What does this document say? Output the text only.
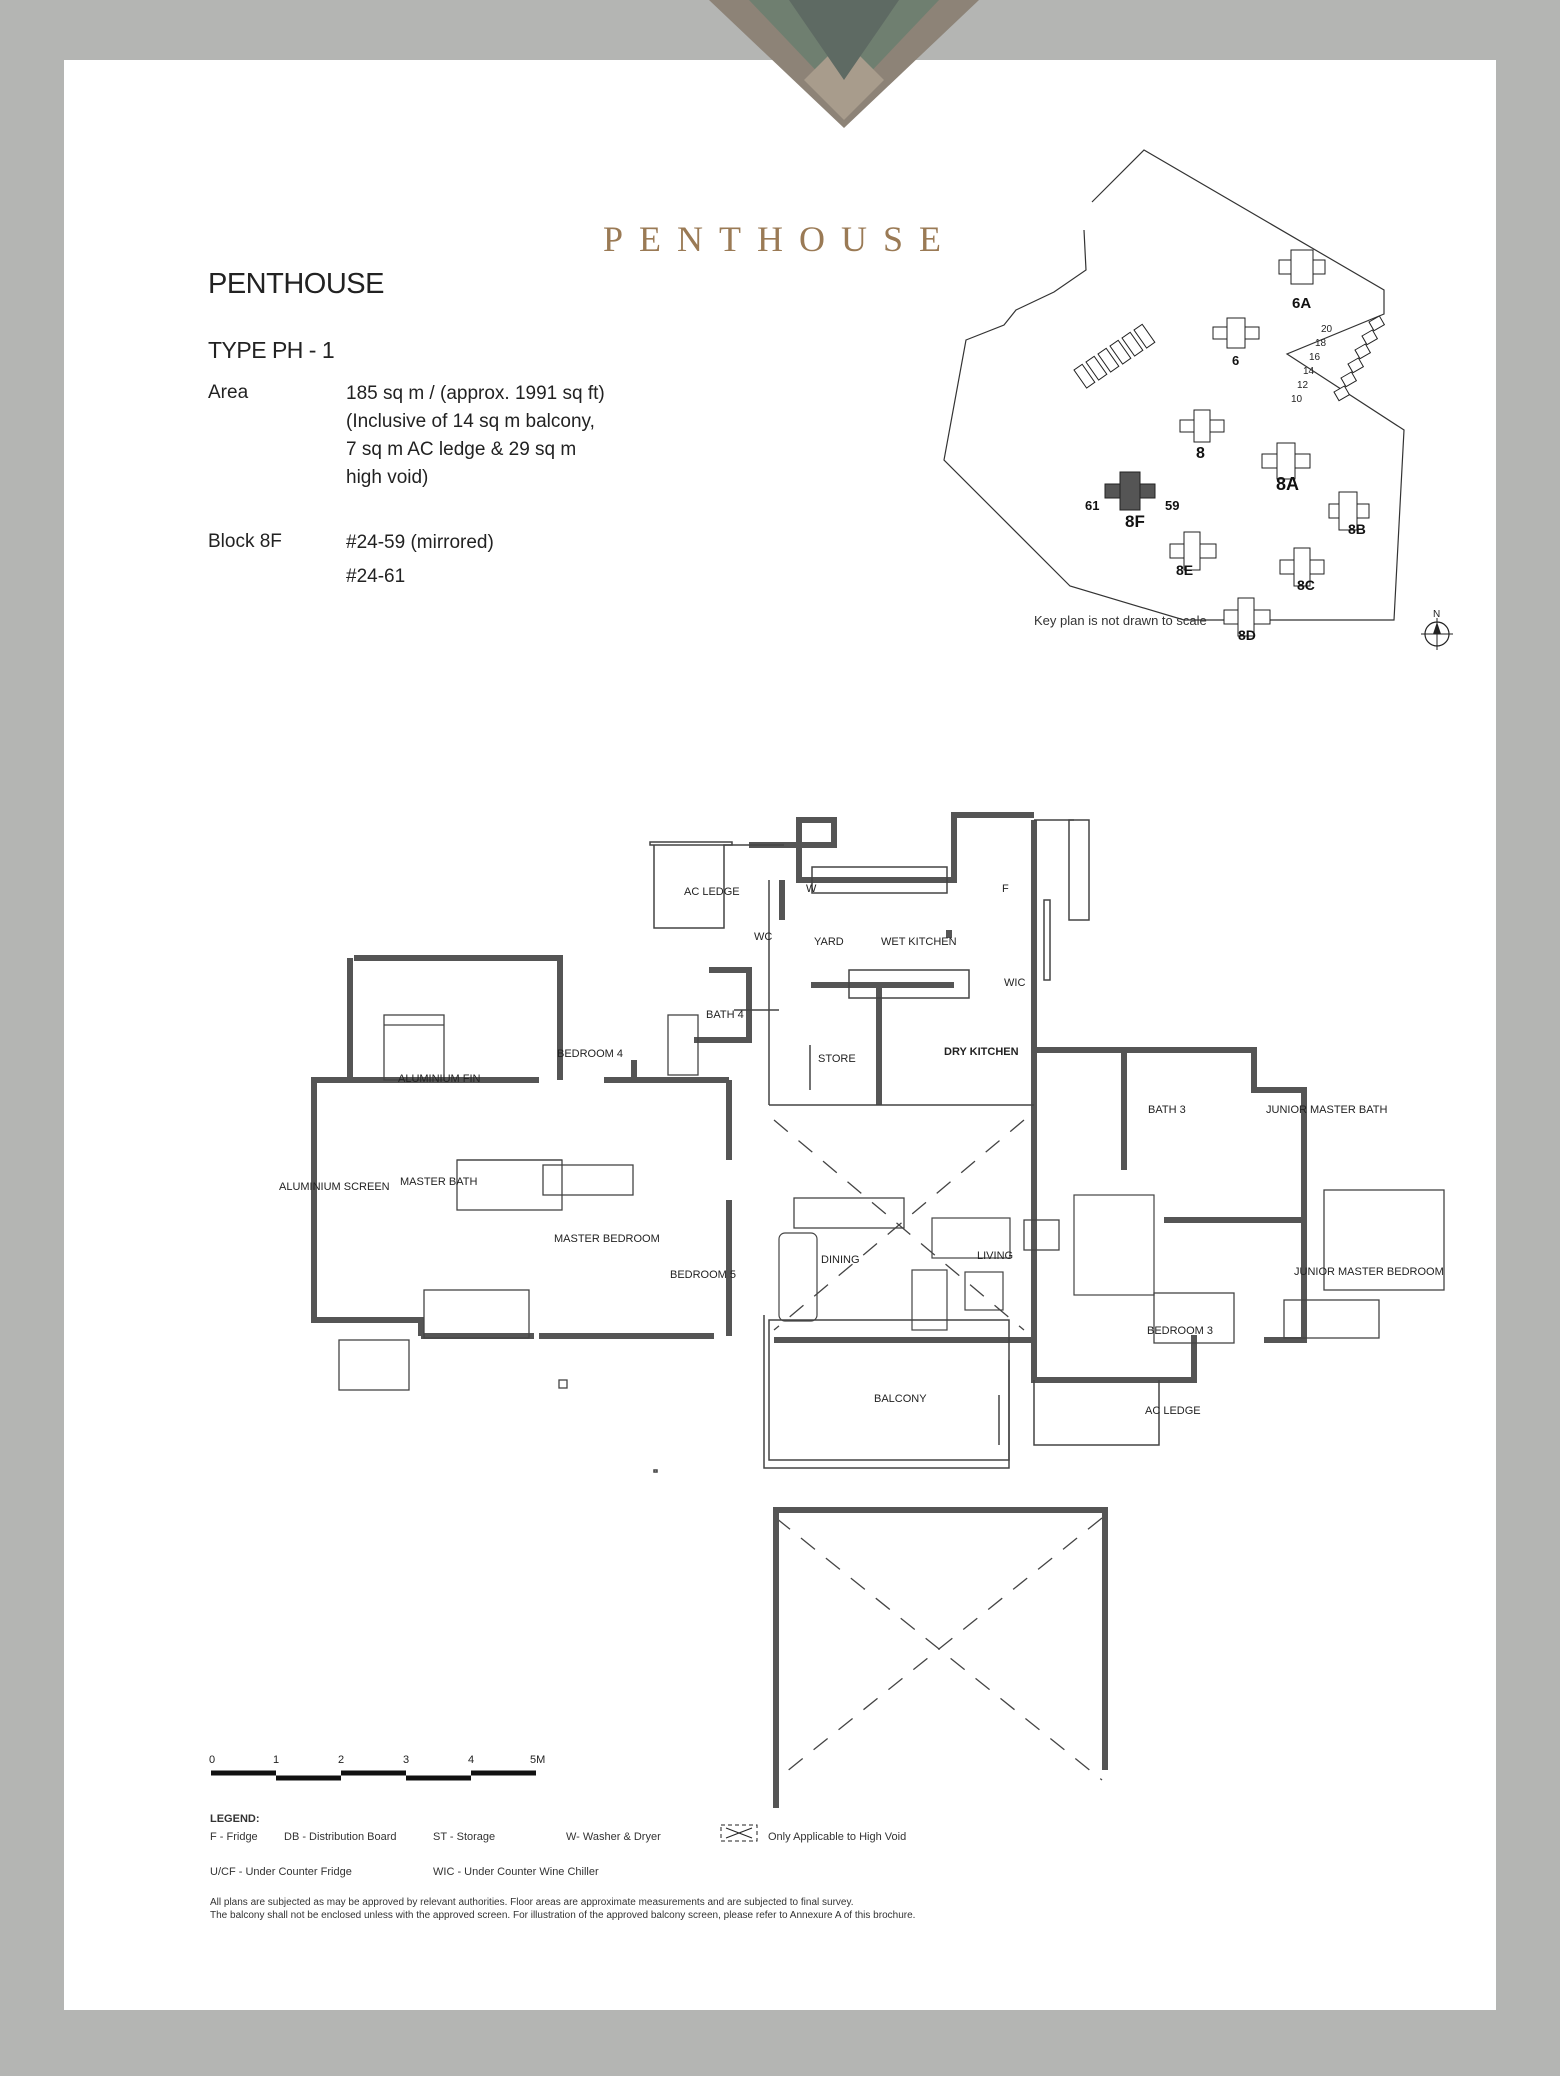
PENTHOUSE
PENTHOUSE
TYPE PH - 1
Area	185 sq m / (approx. 1991 sq ft)
(Inclusive of 14 sq m balcony,
7 sq m AC ledge & 29 sq m
high void)
Block 8F	#24-59 (mirrored)
#24-61
6A
6
8
8A
8B
8C
8D
8E
8F
61	59
20
18
16
14
12
10
N
Key plan is not drawn to scale
AC LEDGE	W	F
WC	YARD	WET KITCHEN
WIC
BEDROOM 4
BATH 4
STORE
DRY KITCHEN
BATH 3	JUNIOR MASTER BATH
ALUMINIUM FIN
ALUMINIUM SCREEN MASTER BATH
MASTER BEDROOM
BEDROOM 5
DINING	LIVING
BEDROOM 3
JUNIOR MASTER BEDROOM
BALCONY
AC LEDGE
0	1	2	3	4	5M
LEGEND:
F - Fridge DB - Distribution Board	ST - Storage	W- Washer & Dryer	Only Applicable to High Void
U/CF - Under Counter Fridge	WIC - Under Counter Wine Chiller
All plans are subjected as may be approved by relevant authorities. Floor areas are approximate measurements and are subjected to final survey.
The balcony shall not be enclosed unless with the approved screen. For illustration of the approved balcony screen, please refer to Annexure A of this brochure.
